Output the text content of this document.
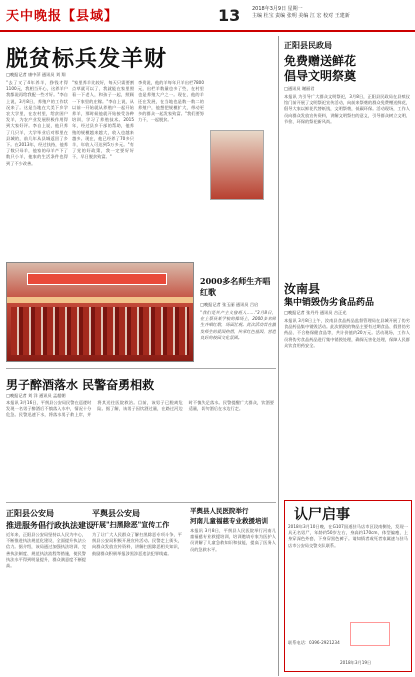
天中晚报【县域】	13 2018年3月9日 星期一
主编 杜宝 责编 张明 美编 江 宏 校对 王建新
脱贫标兵发羊财
□晚报记者 康中萍 通讯员 刘 翔
"去了又了4年养羊，挣钱才得1100元，我相当开心，这养羊户我都说再给我配一些才好。"李自上说，3月8日，养殖户的工作状况来了。这是当地在大美下乡学农大学里，在农村里，给贫困户发羊，为农产业发展积极作用得到大家好评。李自上说，他只养了几只羊，大学毕业后对那里在县城的，前几年从县城返回了乡下。在2013年，经过扶持，他养了数只母羊，他家的母羊产下了数只小羊，他家的生活条件也得到了不少改善。
"家里养羊比较好，每天只需要割点草就可以了，我就能在家里照看一下老人，和孩子一起，照顾一下家里的庄稼。"李自上说，从以前一开始就从养殖户一起开始养羊，那时候他就开始接受各种培训，学习了养殖技术。2015年，经过县乡干部的帮助，他养殖的规模越来越大，收入也越来越多。现在，他已经养了70多只羊，年收入可达到5万多元。"有了党的好政策，我一定要好好干，早日脱贫致富。"
李贵说，他的羊每年只羊出栏7800元，出栏羊数量也多了些，在村里也是养殖大户之一。现在，他的羊还在发展，在当地也是数一数二的养殖户，他想把规模扩大，带动更多的群众一起发家致富。"我们要努力干，一起脱贫。"
正阳县民政局
免费赠送鲜花
倡导文明祭奠
□通讯员 谢丽君
本报讯 为引导广大群众文明祭祀，3月8日，正阳县民政局在县殡仪馆门前开展了文明祭祀宣传活动，向前来祭奠的群众免费赠送鲜花，倡导大家以鲜花代替纸钱，文明祭奠，低碳环保。活动现场，工作人员向群众发放宣传资料，讲解文明祭扫的意义，引导群众树立文明、节俭、环保的祭祀新风尚。
2000多名师生齐唱红歌
□晚报记者 张玉丽 通讯员 吕启
"我们是共产主义接班人……"3月8日，在上蔡县某学校的操场上，2000多名师生齐唱红歌，场面壮观。此次活动旨在激发师生的爱国热情，传承红色基因，营造良好的校园文化氛围。
汝南县
集中销毁伪劣食品药品
□晚报记者 张丹丹 通讯员 吉正光
本报讯 3月8日上午，汝南县食品药品监督管理局在县城开展了伪劣食品药品集中销毁活动。此次销毁的物品主要有过期食品、假冒伪劣药品、不合格保健食品等，共计价值约20万元。活动现场，工作人员将伪劣食品药品进行集中销毁处理，确保无害化处理，保障人民群众饮食用药安全。
男子醉酒落水 民警奋勇相救
□晚报记者 刘 洋 通讯员 孟超朝
本报讯 3月16日，平舆县公安局民警在巡逻时发现一名男子醉酒后不慎落入水中，情况十分危急。民警迅速下水，将落水男子救上岸，并将其送往医院救治。目前，该男子已脱离危险。据了解，该男子因饮酒过量，在路过河边时不慎失足落水。民警提醒广大群众，饮酒要适量，切勿酒后在水边行走。
正阳县公安局
推进服务倡行政执法建设
近年来，正阳县公安局坚持以人民为中心，不断推进执法规范化建设，全面提升执法公信力。据介绍，该局通过加强执法培训、完善执法制度、规范执法流程等措施，使民警执法水平得到明显提升，群众满意度不断提高。
平舆县公安局
开展"扫黑除恶"宣传工作
为了让广大人民群众了解扫黑除恶专项斗争，平舆县公安局积极开展宣传活动。民警走上街头，向群众发放宣传资料，讲解扫黑除恶相关知识，鼓励群众积极举报涉黑涉恶违法犯罪线索。
平舆县人民医院举行
河南儿童福慈专业救援培训
本报讯 3月8日，平舆县人民医院举行河南儿童福慈专业救援培训，培训邀请专家为医护人员讲解了儿童急救知识和技能，提高了医务人员的急救水平。
认尸启事
2018年3月10日晚，在G107国道驻马店市区段南侧处，发现一具无名男尸，年龄约50岁左右，身高约170cm，体型偏瘦，上身穿深色外套，下身穿黑色裤子。请知情者或死者家属速与驻马店市公安局交警支队联系。
联系电话：0396-2921234
2018年3月19日
